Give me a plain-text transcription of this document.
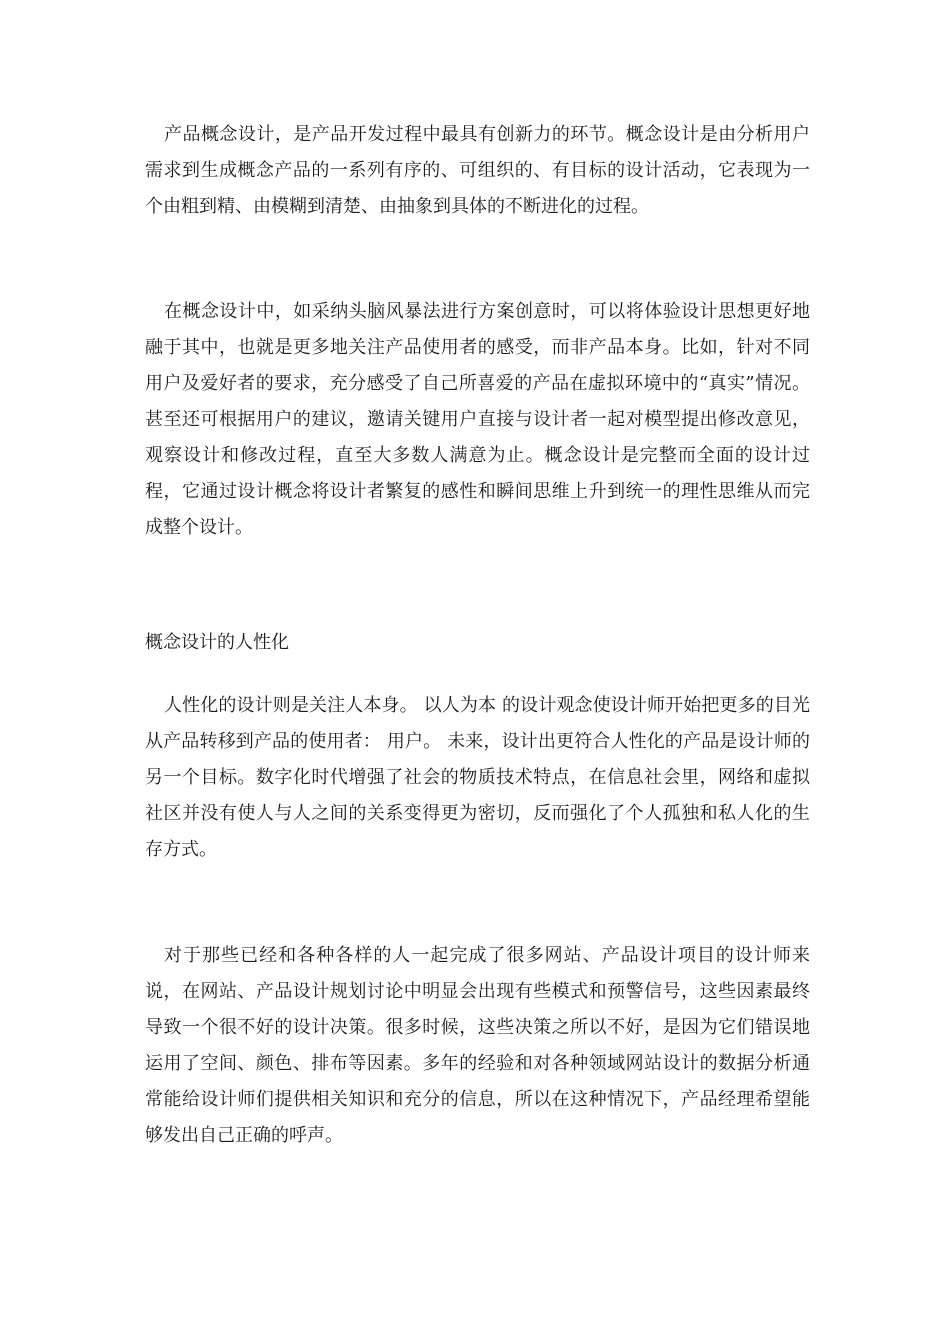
产品概念设计，是产品开发过程中最具有创新力的环节。概念设计是由分析用户需求到生成概念产品的一系列有序的、可组织的、有目标的设计活动，它表现为一个由粗到精、由模糊到清楚、由抽象到具体的不断进化的过程。

在概念设计中，如采纳头脑风暴法进行方案创意时，可以将体验设计思想更好地融于其中，也就是更多地关注产品使用者的感受，而非产品本身。比如，针对不同用户及爱好者的要求，充分感受了自己所喜爱的产品在虚拟环境中的“真实”情况。甚至还可根据用户的建议，邀请关键用户直接与设计者一起对模型提出修改意见，观察设计和修改过程，直至大多数人满意为止。概念设计是完整而全面的设计过程，它通过设计概念将设计者繁复的感性和瞬间思维上升到统一的理性思维从而完成整个设计。

概念设计的人性化

人性化的设计则是关注人本身。 以人为本 的设计观念使设计师开始把更多的目光从产品转移到产品的使用者： 用户。 未来，设计出更符合人性化的产品是设计师的另一个目标。数字化时代增强了社会的物质技术特点，在信息社会里，网络和虚拟社区并没有使人与人之间的关系变得更为密切，反而强化了个人孤独和私人化的生存方式。

对于那些已经和各种各样的人一起完成了很多网站、产品设计项目的设计师来说，在网站、产品设计规划讨论中明显会出现有些模式和预警信号，这些因素最终导致一个很不好的设计决策。很多时候，这些决策之所以不好，是因为它们错误地运用了空间、颜色、排布等因素。多年的经验和对各种领域网站设计的数据分析通常能给设计师们提供相关知识和充分的信息，所以在这种情况下，产品经理希望能够发出自己正确的呼声。
